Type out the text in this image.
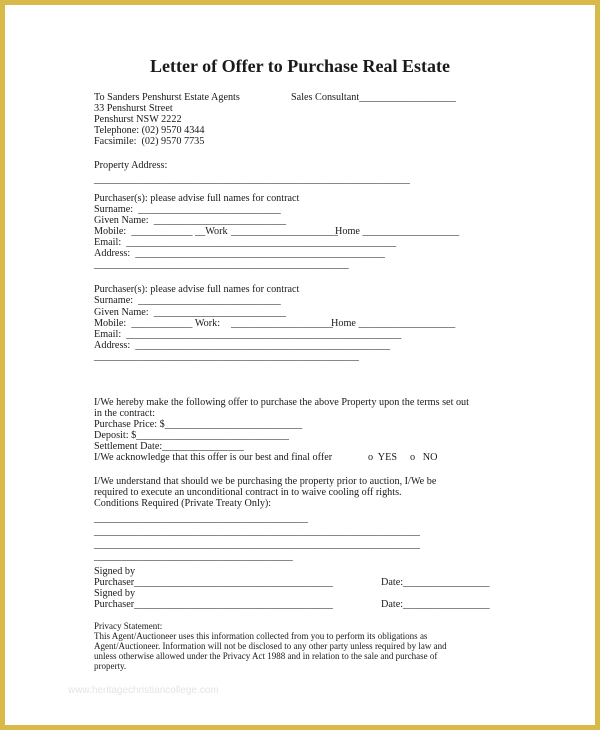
Letter of Offer to Purchase Real Estate
To Sanders Penshurst Estate Agents	Sales Consultant___________________
33 Penshurst Street
Penshurst NSW 2222
Telephone: (02) 9570 4344
Facsimile:  (02) 9570 7735
Property Address:
______________________________________________________________
Purchaser(s): please advise full names for contract
Surname:  ____________________________
Given Name:  __________________________
Mobile:  ____________ __Work _____________________
Home ___________________
Email:  _____________________________________________________
Address:  _________________________________________________
__________________________________________________
Purchaser(s): please advise full names for contract
Surname:  ____________________________
Given Name:  __________________________
Mobile:  ____________ Work: ____________________
Home ___________________
Email:  ______________________________________________________
Address:  __________________________________________________
____________________________________________________
I/We hereby make the following offer to purchase the above Property upon the terms set out
in the contract:
Purchase Price: $___________________________
Deposit: $______________________________
Settlement Date:________________
I/We acknowledge that this offer is our best and final offer	o  YES o   NO
I/We understand that should we be purchasing the property prior to auction, I/We be
required to execute an unconditional contract in to waive cooling off rights.
Conditions Required (Private Treaty Only):
__________________________________________
________________________________________________________________
________________________________________________________________
_______________________________________
Signed by
Purchaser_______________________________________	Date:_________________
Signed by
Purchaser_______________________________________	Date:_________________
Privacy Statement:
This Agent/Auctioneer uses this information collected from you to perform its obligations as
Agent/Auctioneer. Information will not be disclosed to any other party unless required by law and
unless otherwise allowed under the Privacy Act 1988 and in relation to the sale and purchase of
property.
www.heritagechristiancollege.com
